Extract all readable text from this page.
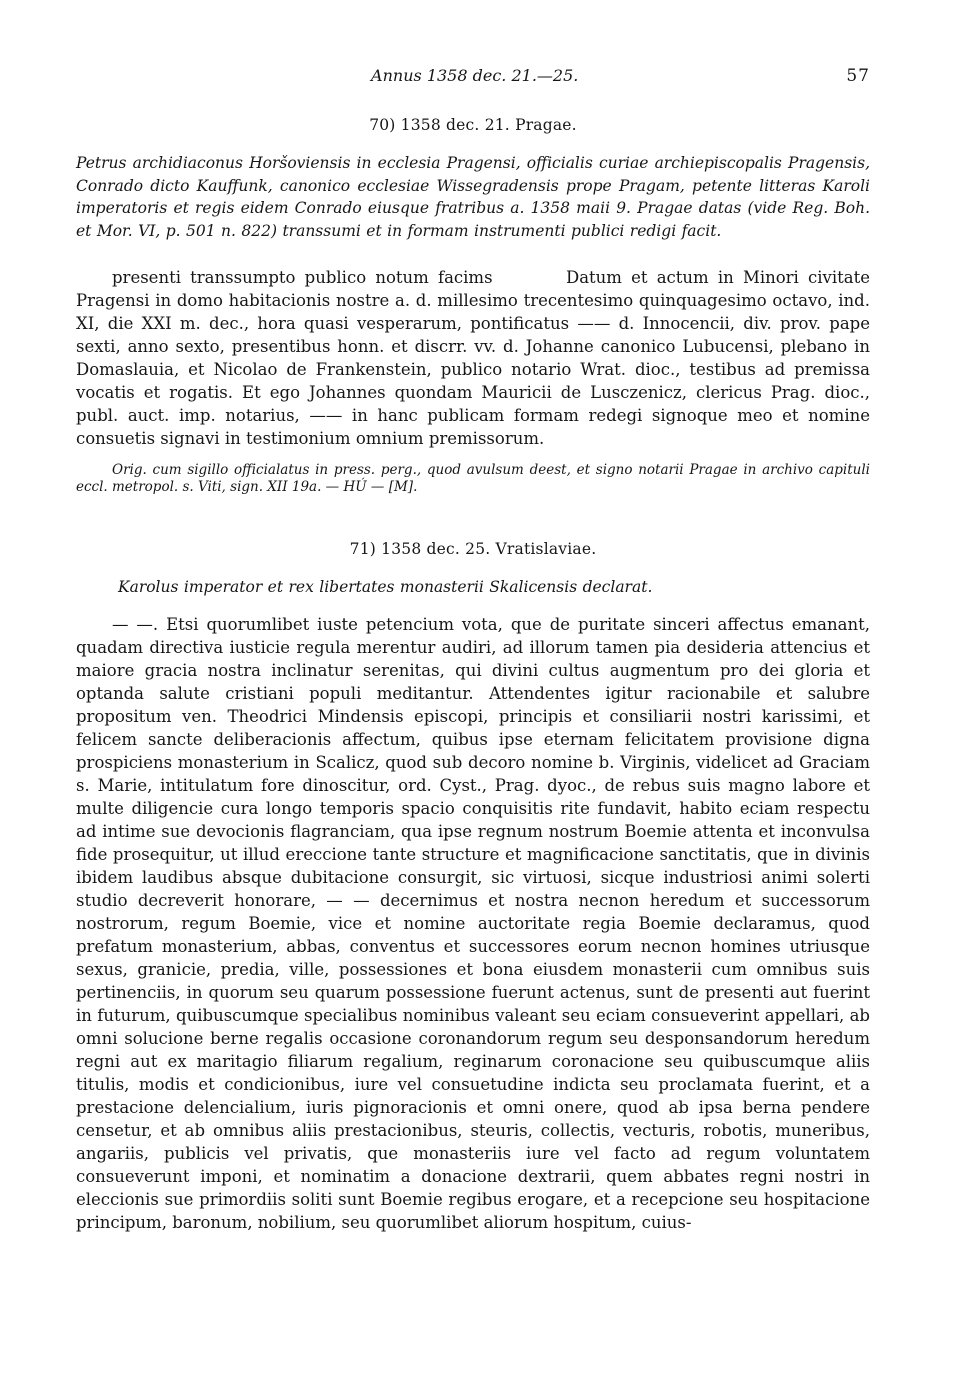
Annus 1358 dec. 21.—25.	57
70) 1358 dec. 21. Pragae.

Petrus archidiaconus Horšoviensis in ecclesia Pragensi, officialis curiae archiepiscopalis Pragensis, Conrado dicto Kauffunk, canonico ecclesiae Wissegradensis prope Pragam, petente litteras Karoli imperatoris et regis eidem Conrado eiusque fratribus a. 1358 maii 9. Pragae datas (vide Reg. Boh. et Mor. VI, p. 501 n. 822) transsumi et in formam instrumenti publici redigi facit.

presenti transsumpto publico notum facims        Datum et actum in Minori civitate Pragensi in domo habitacionis nostre a. d. millesimo trecentesimo quinquagesimo octavo, ind. XI, die XXI m. dec., hora quasi vesperarum, pontificatus —— d. Innocencii, div. prov. pape sexti, anno sexto, presentibus honn. et discrr. vv. d. Johanne canonico Lubucensi, plebano in Domaslauia, et Nicolao de Frankenstein, publico notario Wrat. dioc., testibus ad premissa vocatis et rogatis. Et ego Johannes quondam Mauricii de Lusczenicz, clericus Prag. dioc., publ. auct. imp. notarius, —— in hanc publicam formam redegi signoque meo et nomine consuetis signavi in testimonium omnium premissorum.

Orig. cum sigillo officialatus in press. perg., quod avulsum deest, et signo notarii Pragae in archivo capituli eccl. metropol. s. Viti, sign. XII 19a. — HÚ — [M].

71) 1358 dec. 25. Vratislaviae.

Karolus imperator et rex libertates monasterii Skalicensis declarat.

— —. Etsi quorumlibet iuste petencium vota, que de puritate sinceri affectus emanant, quadam directiva iusticie regula merentur audiri, ad illorum tamen pia desideria attencius et maiore gracia nostra inclinatur serenitas, qui divini cultus augmentum pro dei gloria et optanda salute cristiani populi meditantur. Attendentes igitur racionabile et salubre propositum ven. Theodrici Mindensis episcopi, principis et consiliarii nostri karissimi, et felicem sancte deliberacionis affectum, quibus ipse eternam felicitatem provisione digna prospiciens monasterium in Scalicz, quod sub decoro nomine b. Virginis, videlicet ad Graciam s. Marie, intitulatum fore dinoscitur, ord. Cyst., Prag. dyoc., de rebus suis magno labore et multe diligencie cura longo temporis spacio conquisitis rite fundavit, habito eciam respectu ad intime sue devocionis flagranciam, qua ipse regnum nostrum Boemie attenta et inconvulsa fide prosequitur, ut illud ereccione tante structure et magnificacione sanctitatis, que in divinis ibidem laudibus absque dubitacione consurgit, sic virtuosi, sicque industriosi animi solerti studio decreverit honorare, — — decernimus et nostra necnon heredum et successorum nostrorum, regum Boemie, vice et nomine auctoritate regia Boemie declaramus, quod prefatum monasterium, abbas, conventus et successores eorum necnon homines utriusque sexus, granicie, predia, ville, possessiones et bona eiusdem monasterii cum omnibus suis pertinenciis, in quorum seu quarum possessione fuerunt actenus, sunt de presenti aut fuerint in futurum, quibuscumque specialibus nominibus valeant seu eciam consueverint appellari, ab omni solucione berne regalis occasione coronandorum regum seu desponsandorum heredum regni aut ex maritagio filiarum regalium, reginarum coronacione seu quibuscumque aliis titulis, modis et condicionibus, iure vel consuetudine indicta seu proclamata fuerint, et a prestacione delencialium, iuris pignoracionis et omni onere, quod ab ipsa berna pendere censetur, et ab omnibus aliis prestacionibus, steuris, collectis, vecturis, robotis, muneribus, angariis, publicis vel privatis, que monasteriis iure vel facto ad regum voluntatem consueverunt imponi, et nominatim a donacione dextrarii, quem abbates regni nostri in eleccionis sue primordiis soliti sunt Boemie regibus erogare, et a recepcione seu hospitacione principum, baronum, nobilium, seu quorumlibet aliorum hospitum, cuius-
